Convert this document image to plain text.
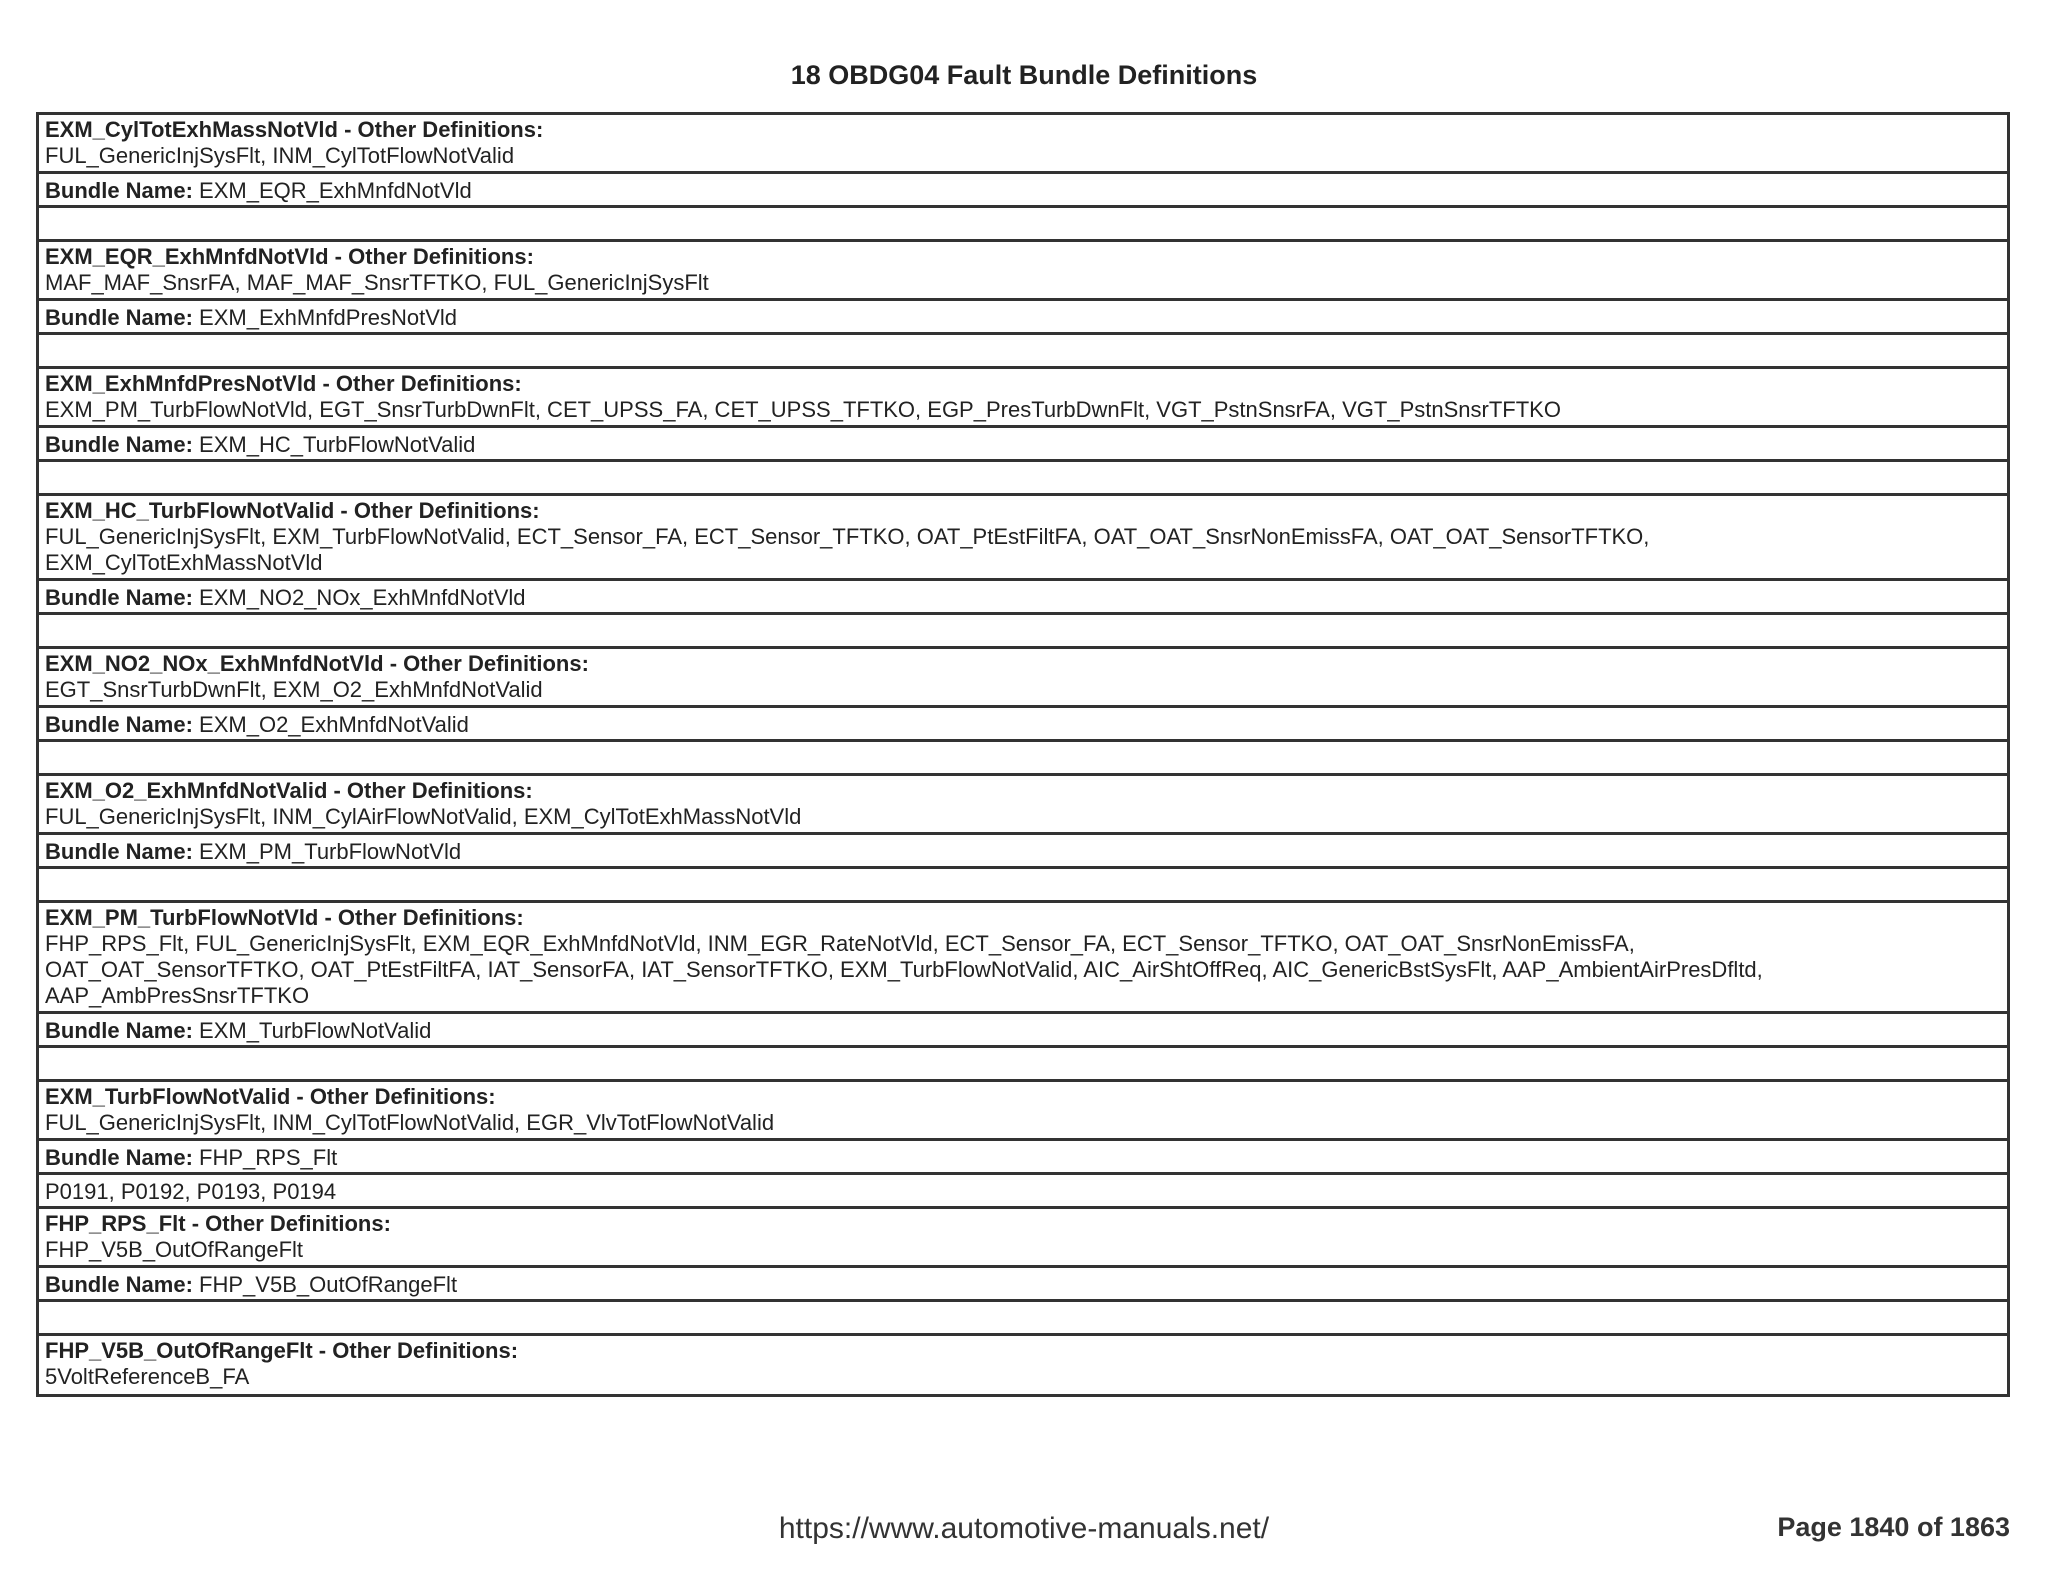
18 OBDG04 Fault Bundle Definitions
EXM_CylTotExhMassNotVld - Other Definitions:
FUL_GenericInjSysFlt, INM_CylTotFlowNotValid
Bundle Name: EXM_EQR_ExhMnfdNotVld
EXM_EQR_ExhMnfdNotVld - Other Definitions:
MAF_MAF_SnsrFA, MAF_MAF_SnsrTFTKO, FUL_GenericInjSysFlt
Bundle Name: EXM_ExhMnfdPresNotVld
EXM_ExhMnfdPresNotVld - Other Definitions:
EXM_PM_TurbFlowNotVld, EGT_SnsrTurbDwnFlt, CET_UPSS_FA, CET_UPSS_TFTKO, EGP_PresTurbDwnFlt, VGT_PstnSnsrFA, VGT_PstnSnsrTFTKO
Bundle Name: EXM_HC_TurbFlowNotValid
EXM_HC_TurbFlowNotValid - Other Definitions:
FUL_GenericInjSysFlt, EXM_TurbFlowNotValid, ECT_Sensor_FA, ECT_Sensor_TFTKO, OAT_PtEstFiltFA, OAT_OAT_SnsrNonEmissFA, OAT_OAT_SensorTFTKO,
EXM_CylTotExhMassNotVld
Bundle Name: EXM_NO2_NOx_ExhMnfdNotVld
EXM_NO2_NOx_ExhMnfdNotVld - Other Definitions:
EGT_SnsrTurbDwnFlt, EXM_O2_ExhMnfdNotValid
Bundle Name: EXM_O2_ExhMnfdNotValid
EXM_O2_ExhMnfdNotValid - Other Definitions:
FUL_GenericInjSysFlt, INM_CylAirFlowNotValid, EXM_CylTotExhMassNotVld
Bundle Name: EXM_PM_TurbFlowNotVld
EXM_PM_TurbFlowNotVld - Other Definitions:
FHP_RPS_Flt, FUL_GenericInjSysFlt, EXM_EQR_ExhMnfdNotVld, INM_EGR_RateNotVld, ECT_Sensor_FA, ECT_Sensor_TFTKO, OAT_OAT_SnsrNonEmissFA,
OAT_OAT_SensorTFTKO, OAT_PtEstFiltFA, IAT_SensorFA, IAT_SensorTFTKO, EXM_TurbFlowNotValid, AIC_AirShtOffReq, AIC_GenericBstSysFlt, AAP_AmbientAirPresDfltd,
AAP_AmbPresSnsrTFTKO
Bundle Name: EXM_TurbFlowNotValid
EXM_TurbFlowNotValid - Other Definitions:
FUL_GenericInjSysFlt, INM_CylTotFlowNotValid, EGR_VlvTotFlowNotValid
Bundle Name: FHP_RPS_Flt
P0191, P0192, P0193, P0194
FHP_RPS_Flt - Other Definitions:
FHP_V5B_OutOfRangeFlt
Bundle Name: FHP_V5B_OutOfRangeFlt
FHP_V5B_OutOfRangeFlt - Other Definitions:
5VoltReferenceB_FA
https://www.automotive-manuals.net/	Page 1840 of 1863
